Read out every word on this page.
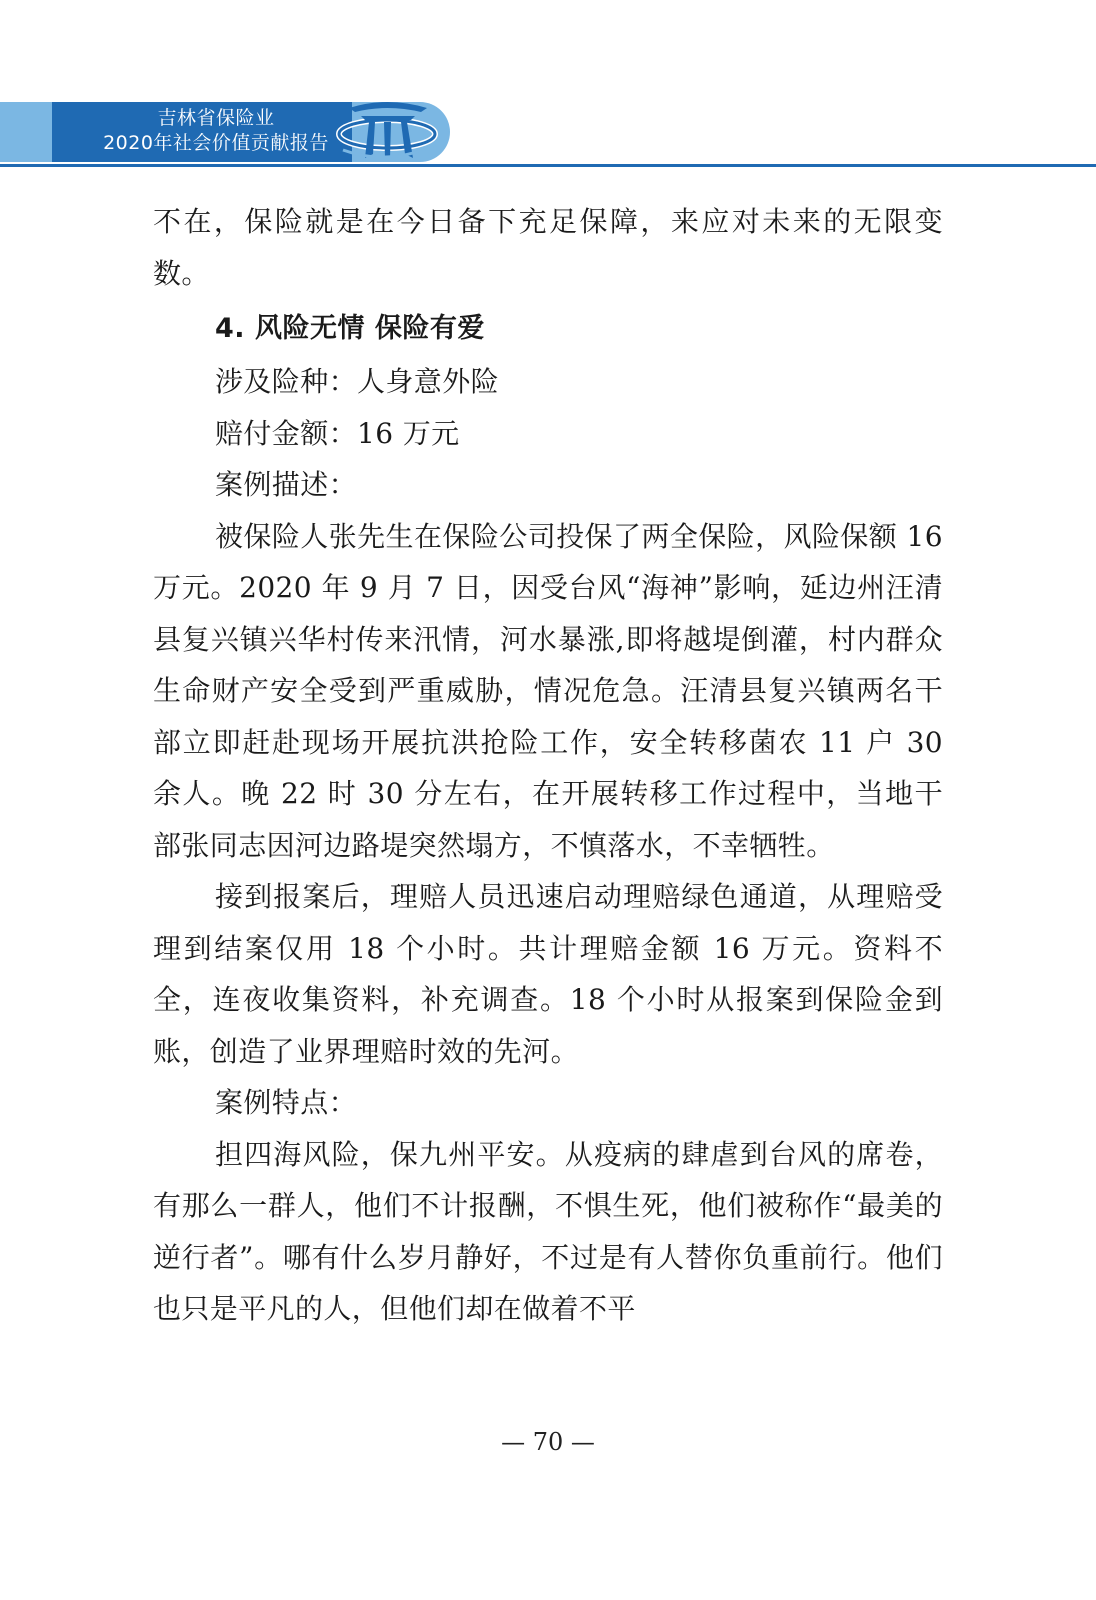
吉林省保险业
2020年社会价值贡献报告

不在，保险就是在今日备下充足保障，来应对未来的无限变数。

4. 风险无情 保险有爱

涉及险种：人身意外险

赔付金额：16 万元

案例描述：

被保险人张先生在保险公司投保了两全保险，风险保额 16 万元。2020 年 9 月 7 日，因受台风“海神”影响，延边州汪清县复兴镇兴华村传来汛情，河水暴涨,即将越堤倒灌，村内群众生命财产安全受到严重威胁，情况危急。汪清县复兴镇两名干部立即赶赴现场开展抗洪抢险工作，安全转移菌农 11 户 30 余人。晚 22 时 30 分左右，在开展转移工作过程中，当地干部张同志因河边路堤突然塌方，不慎落水，不幸牺牲。

接到报案后，理赔人员迅速启动理赔绿色通道，从理赔受理到结案仅用 18 个小时。共计理赔金额 16 万元。资料不全，连夜收集资料，补充调查。18 个小时从报案到保险金到账，创造了业界理赔时效的先河。

案例特点：

担四海风险，保九州平安。从疫病的肆虐到台风的席卷，有那么一群人，他们不计报酬，不惧生死，他们被称作“最美的逆行者”。哪有什么岁月静好，不过是有人替你负重前行。他们也只是平凡的人，但他们却在做着不平

— 70 —
